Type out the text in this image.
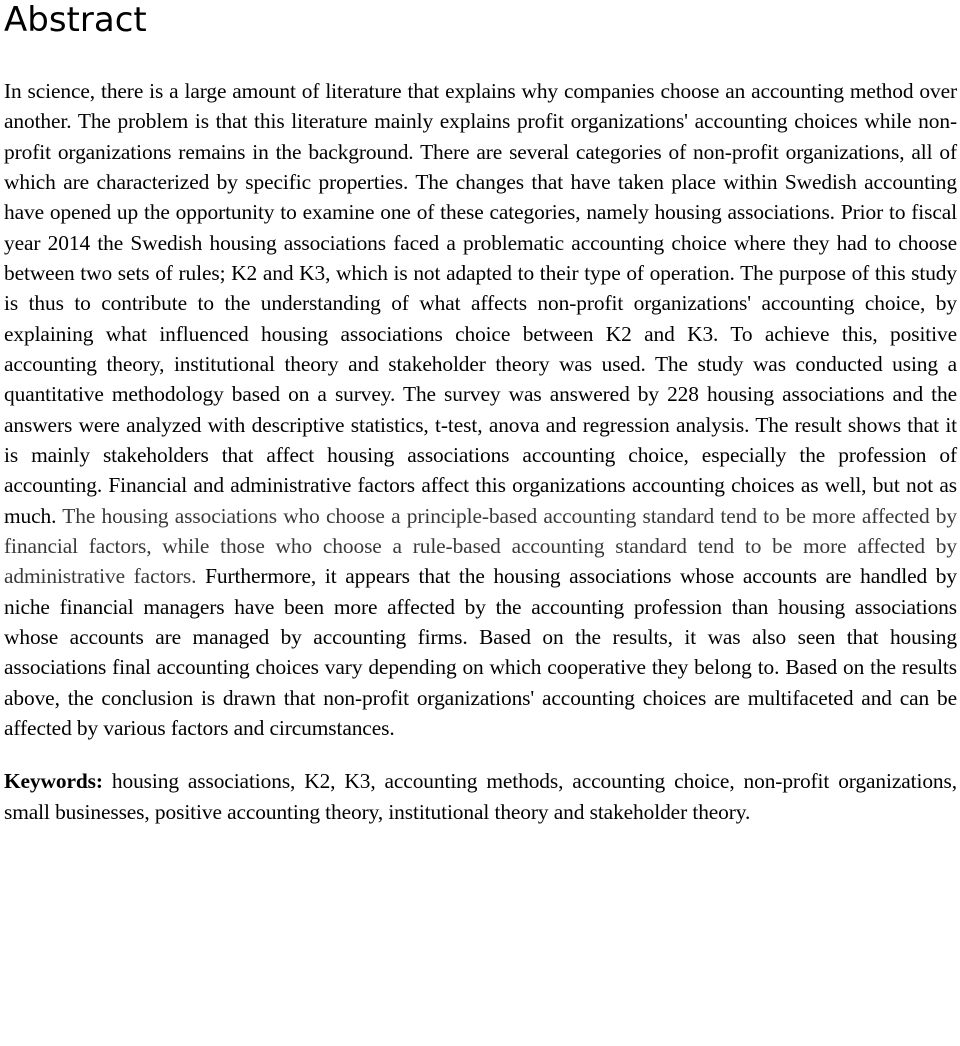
Abstract

In science, there is a large amount of literature that explains why companies choose an accounting method over another. The problem is that this literature mainly explains profit organizations' accounting choices while non-profit organizations remains in the background. There are several categories of non-profit organizations, all of which are characterized by specific properties. The changes that have taken place within Swedish accounting have opened up the opportunity to examine one of these categories, namely housing associations. Prior to fiscal year 2014 the Swedish housing associations faced a problematic accounting choice where they had to choose between two sets of rules; K2 and K3, which is not adapted to their type of operation. The purpose of this study is thus to contribute to the understanding of what affects non-profit organizations' accounting choice, by explaining what influenced housing associations choice between K2 and K3. To achieve this, positive accounting theory, institutional theory and stakeholder theory was used. The study was conducted using a quantitative methodology based on a survey. The survey was answered by 228 housing associations and the answers were analyzed with descriptive statistics, t-test, anova and regression analysis. The result shows that it is mainly stakeholders that affect housing associations accounting choice, especially the profession of accounting. Financial and administrative factors affect this organizations accounting choices as well, but not as much. The housing associations who choose a principle-based accounting standard tend to be more affected by financial factors, while those who choose a rule-based accounting standard tend to be more affected by administrative factors. Furthermore, it appears that the housing associations whose accounts are handled by niche financial managers have been more affected by the accounting profession than housing associations whose accounts are managed by accounting firms. Based on the results, it was also seen that housing associations final accounting choices vary depending on which cooperative they belong to. Based on the results above, the conclusion is drawn that non-profit organizations' accounting choices are multifaceted and can be affected by various factors and circumstances.

Keywords: housing associations, K2, K3, accounting methods, accounting choice, non-profit organizations, small businesses, positive accounting theory, institutional theory and stakeholder theory.
